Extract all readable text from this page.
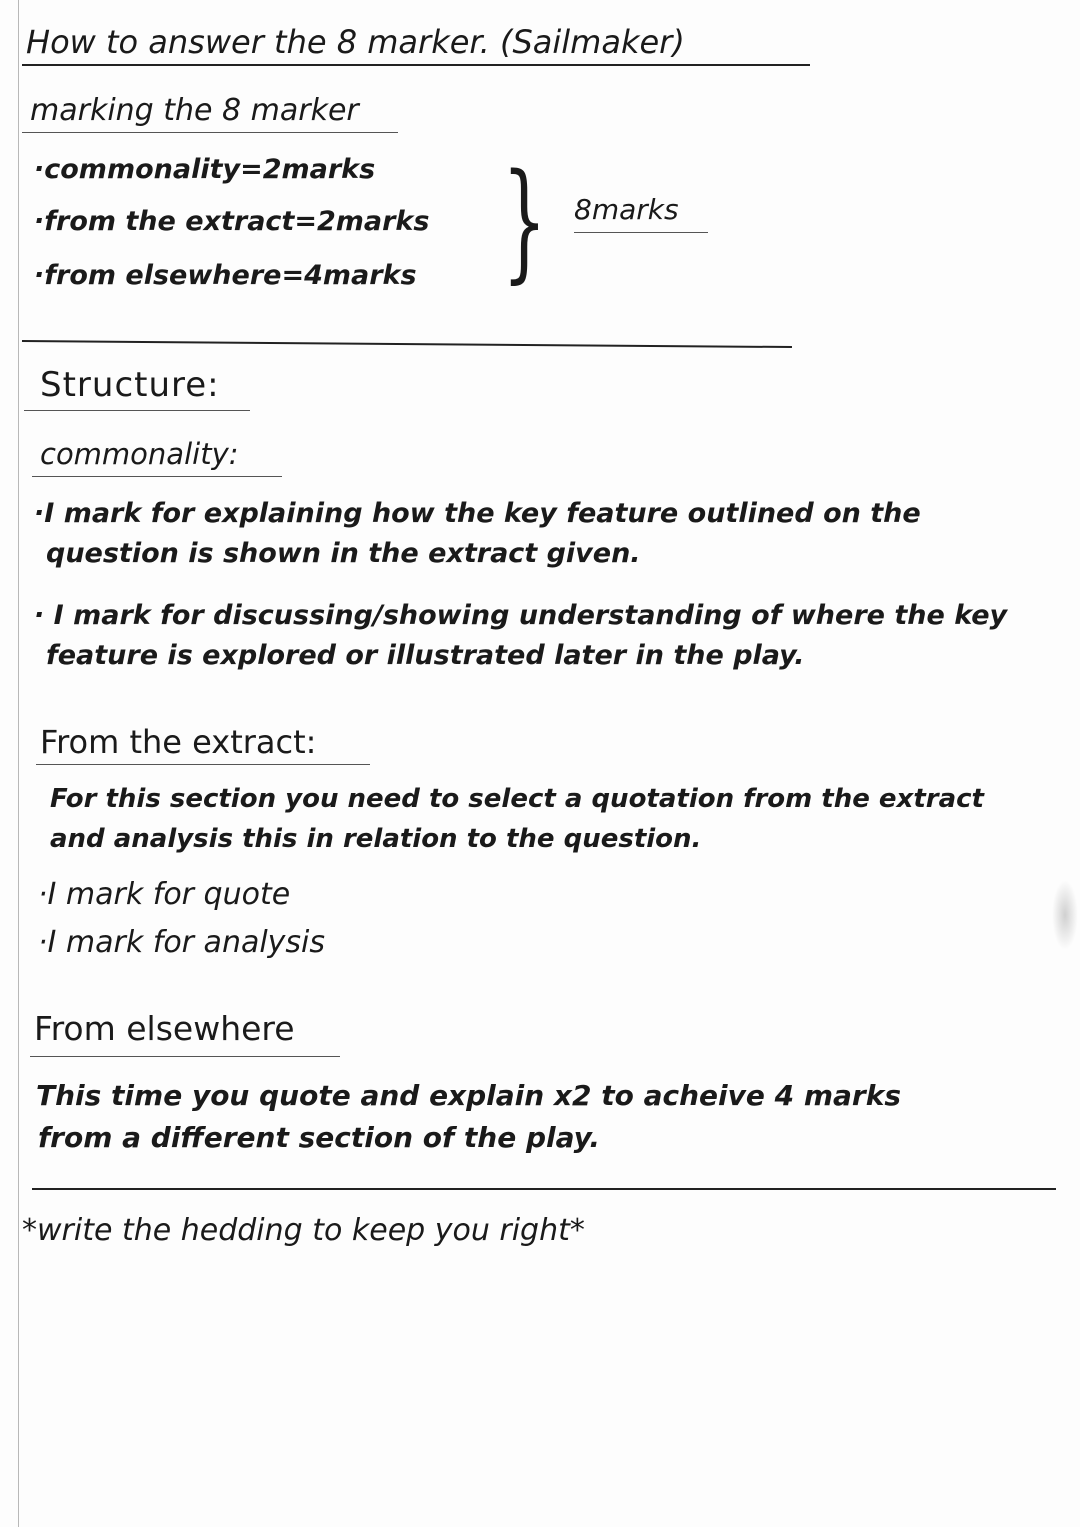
How to answer the 8 marker. (Sailmaker)

marking the 8 marker

·commonality=2marks

·from the extract=2marks

·from elsewhere=4marks } 8marks

Structure:

commonality:

·I mark for explaining how the key feature outlined on the

question is shown in the extract given.

· I mark for discussing/showing understanding of where the key

feature is explored or illustrated later in the play.

From the extract:

For this section you need to select a quotation from the extract

and analysis this in relation to the question.

·I mark for quote

·I mark for analysis

From elsewhere

This time you quote and explain x2 to acheive 4 marks

from a different section of the play.

*write the hedding to keep you right*
